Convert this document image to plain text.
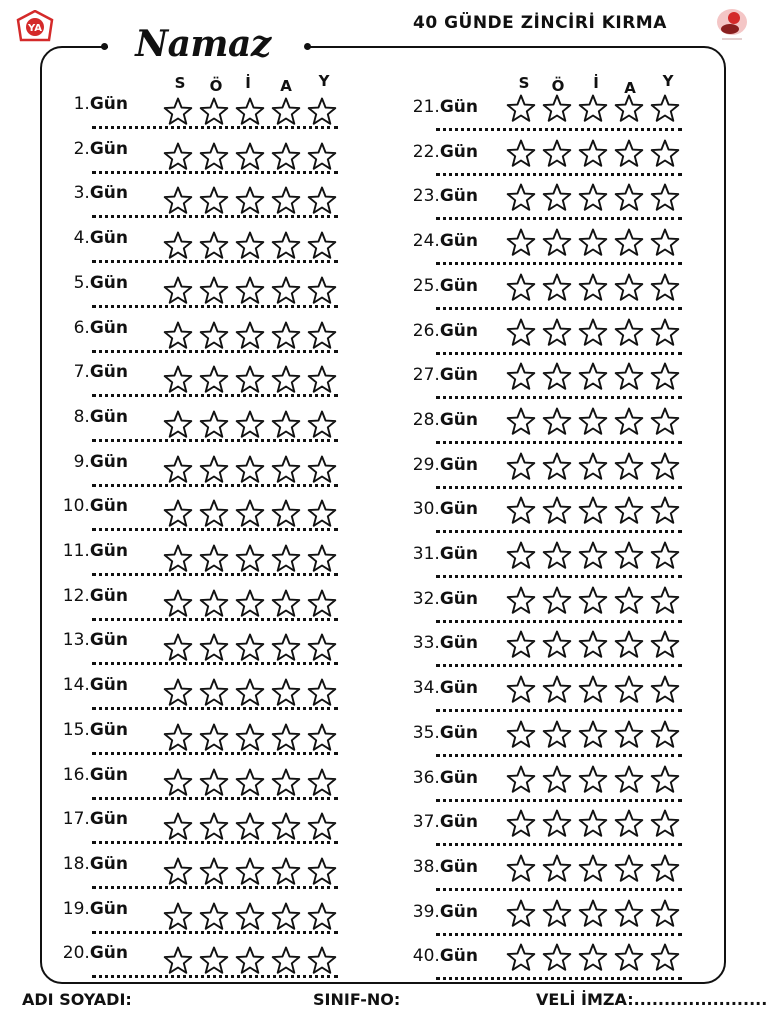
YA	40 GÜNDE ZİNCİRİ KIRMA
Namaz
S	Ö	İ	A	Y
1.Gün
2.Gün
3.Gün
4.Gün
5.Gün
6.Gün
7.Gün
8.Gün
9.Gün
10.Gün
11.Gün
12.Gün
13.Gün
14.Gün
15.Gün
16.Gün
17.Gün
18.Gün
19.Gün
20.Gün
S	Ö	İ	A	Y
21.Gün
22.Gün
23.Gün
24.Gün
25.Gün
26.Gün
27.Gün
28.Gün
29.Gün
30.Gün
31.Gün
32.Gün
33.Gün
34.Gün
35.Gün
36.Gün
37.Gün
38.Gün
39.Gün
40.Gün
ADI SOYADI:	SINIF-NO:	VELİ İMZA:......................
